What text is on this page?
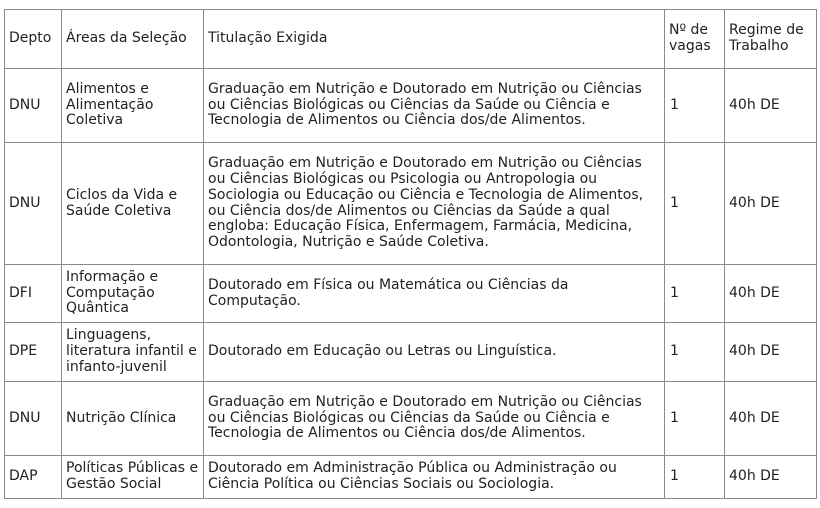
Depto	Áreas da Seleção	Titulação Exigida	Nº de vagas	Regime de Trabalho
DNU	Alimentos e Alimentação Coletiva	Graduação em Nutrição e Doutorado em Nutrição ou Ciências ou Ciências Biológicas ou Ciências da Saúde ou Ciência e Tecnologia de Alimentos ou Ciência dos/de Alimentos.	1	40h DE
DNU	Ciclos da Vida e Saúde Coletiva	Graduação em Nutrição e Doutorado em Nutrição ou Ciências ou Ciências Biológicas ou Psicologia ou Antropologia ou Sociologia ou Educação ou Ciência e Tecnologia de Alimentos, ou Ciência dos/de Alimentos ou Ciências da Saúde a qual engloba: Educação Física, Enfermagem, Farmácia, Medicina, Odontologia, Nutrição e Saúde Coletiva.	1	40h DE
DFI	Informação e Computação Quântica	Doutorado em Física ou Matemática ou Ciências da Computação.	1	40h DE
DPE	Linguagens, literatura infantil e infanto-juvenil	Doutorado em Educação ou Letras ou Linguística.	1	40h DE
DNU	Nutrição Clínica	Graduação em Nutrição e Doutorado em Nutrição ou Ciências ou Ciências Biológicas ou Ciências da Saúde ou Ciência e Tecnologia de Alimentos ou Ciência dos/de Alimentos.	1	40h DE
DAP	Políticas Públicas e Gestão Social	Doutorado em Administração Pública ou Administração ou Ciência Política ou Ciências Sociais ou Sociologia.	1	40h DE
